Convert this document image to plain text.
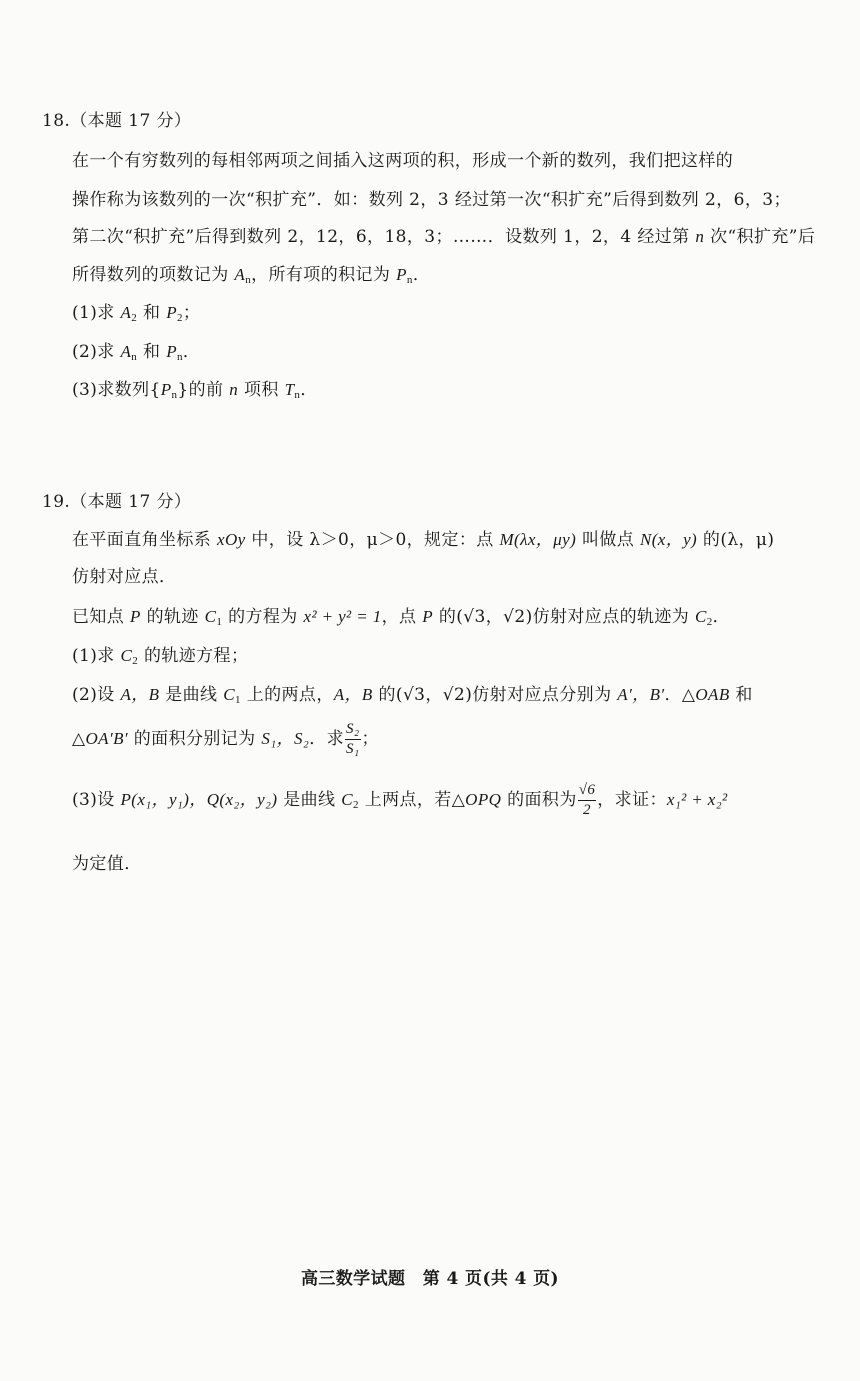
18.（本题 17 分）
在一个有穷数列的每相邻两项之间插入这两项的积，形成一个新的数列，我们把这样的
操作称为该数列的一次“积扩充”．如：数列 2，3 经过第一次“积扩充”后得到数列 2，6，3；
第二次“积扩充”后得到数列 2，12，6，18，3；……．设数列 1，2，4 经过第 n 次“积扩充”后
所得数列的项数记为 $A_n$，所有项的积记为 $P_n$．
(1)求 $A_2$ 和 $P_2$；
(2)求 $A_n$ 和 $P_n$．
(3)求数列$\{P_n\}$的前 n 项积 $T_n$．
19.（本题 17 分）
在平面直角坐标系 xOy 中，设 λ＞0，μ＞0，规定：点 M(λx，μy) 叫做点 N(x，y) 的(λ，μ)
仿射对应点．
已知点 P 的轨迹 $C_1$ 的方程为 x² + y² = 1，点 P 的(√3，√2)仿射对应点的轨迹为 $C_2$．
(1)求 $C_2$ 的轨迹方程；
(2)设 A，B 是曲线 $C_1$ 上的两点，A，B 的(√3，√2)仿射对应点分别为 A′，B′．△OAB 和
△OA′B′ 的面积分别记为 S₁，S₂．求 $\frac{\text{S₂}}{\text{S₁}}$ ；
(3)设 P(x₁，y₁)，Q(x₂，y₂) 是曲线 $C_2$ 上两点，若△OPQ 的面积为 $\frac{√6}{2}$ ，求证：x₁² + x₂²
为定值．
高三数学试题　第 4 页(共 4 页)
